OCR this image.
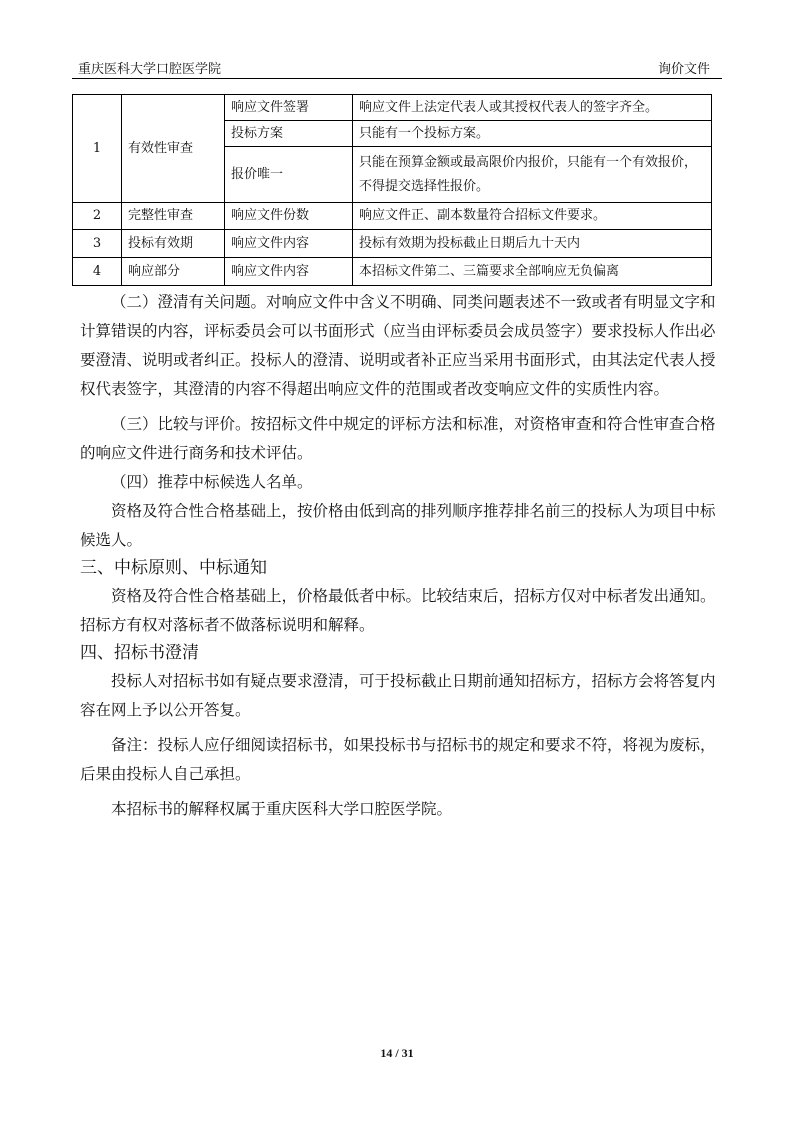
重庆医科大学口腔医学院	询价文件
1	有效性审查	响应文件签署	响应文件上法定代表人或其授权代表人的签字齐全。
		投标方案	只能有一个投标方案。
		报价唯一	只能在预算金额或最高限价内报价，只能有一个有效报价，不得提交选择性报价。
2	完整性审查	响应文件份数	响应文件正、副本数量符合招标文件要求。
3	投标有效期	响应文件内容	投标有效期为投标截止日期后九十天内
4	响应部分	响应文件内容	本招标文件第二、三篇要求全部响应无负偏离

（二）澄清有关问题。对响应文件中含义不明确、同类问题表述不一致或者有明显文字和计算错误的内容，评标委员会可以书面形式（应当由评标委员会成员签字）要求投标人作出必要澄清、说明或者纠正。投标人的澄清、说明或者补正应当采用书面形式，由其法定代表人授权代表签字，其澄清的内容不得超出响应文件的范围或者改变响应文件的实质性内容。

（三）比较与评价。按招标文件中规定的评标方法和标准，对资格审查和符合性审查合格的响应文件进行商务和技术评估。

（四）推荐中标候选人名单。

资格及符合性合格基础上，按价格由低到高的排列顺序推荐排名前三的投标人为项目中标候选人。

三、中标原则、中标通知

资格及符合性合格基础上，价格最低者中标。比较结束后，招标方仅对中标者发出通知。招标方有权对落标者不做落标说明和解释。

四、招标书澄清

投标人对招标书如有疑点要求澄清，可于投标截止日期前通知招标方，招标方会将答复内容在网上予以公开答复。

备注：投标人应仔细阅读招标书，如果投标书与招标书的规定和要求不符，将视为废标，后果由投标人自己承担。

本招标书的解释权属于重庆医科大学口腔医学院。

14 / 31
